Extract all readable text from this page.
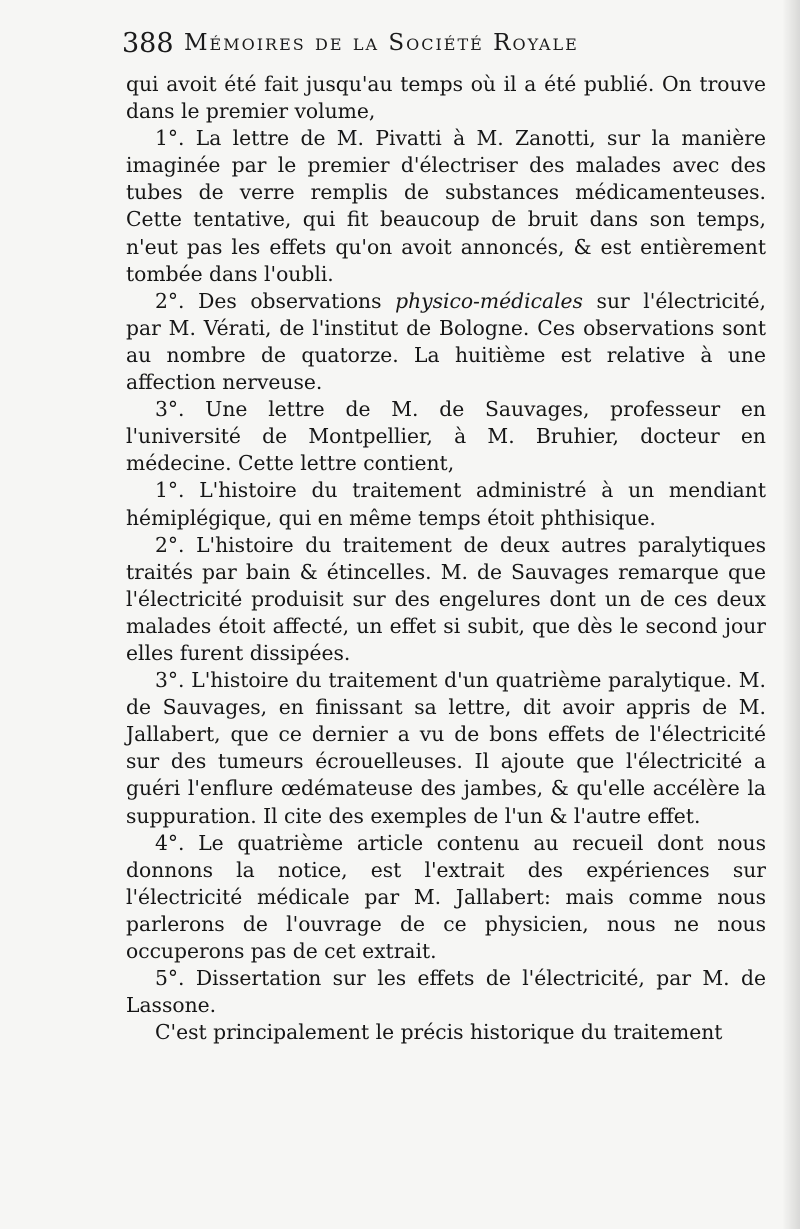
388 Mémoires de la Société Royale

qui avoit été fait jusqu'au temps où il a été publié. On trouve dans le premier volume,

1°. La lettre de M. Pivatti à M. Zanotti, sur la manière imaginée par le premier d'électriser des malades avec des tubes de verre remplis de substances médicamenteuses. Cette tentative, qui fit beaucoup de bruit dans son temps, n'eut pas les effets qu'on avoit annoncés, & est entièrement tombée dans l'oubli.

2°. Des observations physico-médicales sur l'électricité, par M. Vérati, de l'institut de Bologne. Ces observations sont au nombre de quatorze. La huitième est relative à une affection nerveuse.

3°. Une lettre de M. de Sauvages, professeur en l'université de Montpellier, à M. Bruhier, docteur en médecine. Cette lettre contient,

1°. L'histoire du traitement administré à un mendiant hémiplégique, qui en même temps étoit phthisique.

2°. L'histoire du traitement de deux autres paralytiques traités par bain & étincelles. M. de Sauvages remarque que l'électricité produisit sur des engelures dont un de ces deux malades étoit affecté, un effet si subit, que dès le second jour elles furent dissipées.

3°. L'histoire du traitement d'un quatrième paralytique. M. de Sauvages, en finissant sa lettre, dit avoir appris de M. Jallabert, que ce dernier a vu de bons effets de l'électricité sur des tumeurs écrouelleuses. Il ajoute que l'électricité a guéri l'enflure œdémateuse des jambes, & qu'elle accélère la suppuration. Il cite des exemples de l'un & l'autre effet.

4°. Le quatrième article contenu au recueil dont nous donnons la notice, est l'extrait des expériences sur l'électricité médicale par M. Jallabert: mais comme nous parlerons de l'ouvrage de ce physicien, nous ne nous occuperons pas de cet extrait.

5°. Dissertation sur les effets de l'électricité, par M. de Lassone.

C'est principalement le précis historique du traitement
